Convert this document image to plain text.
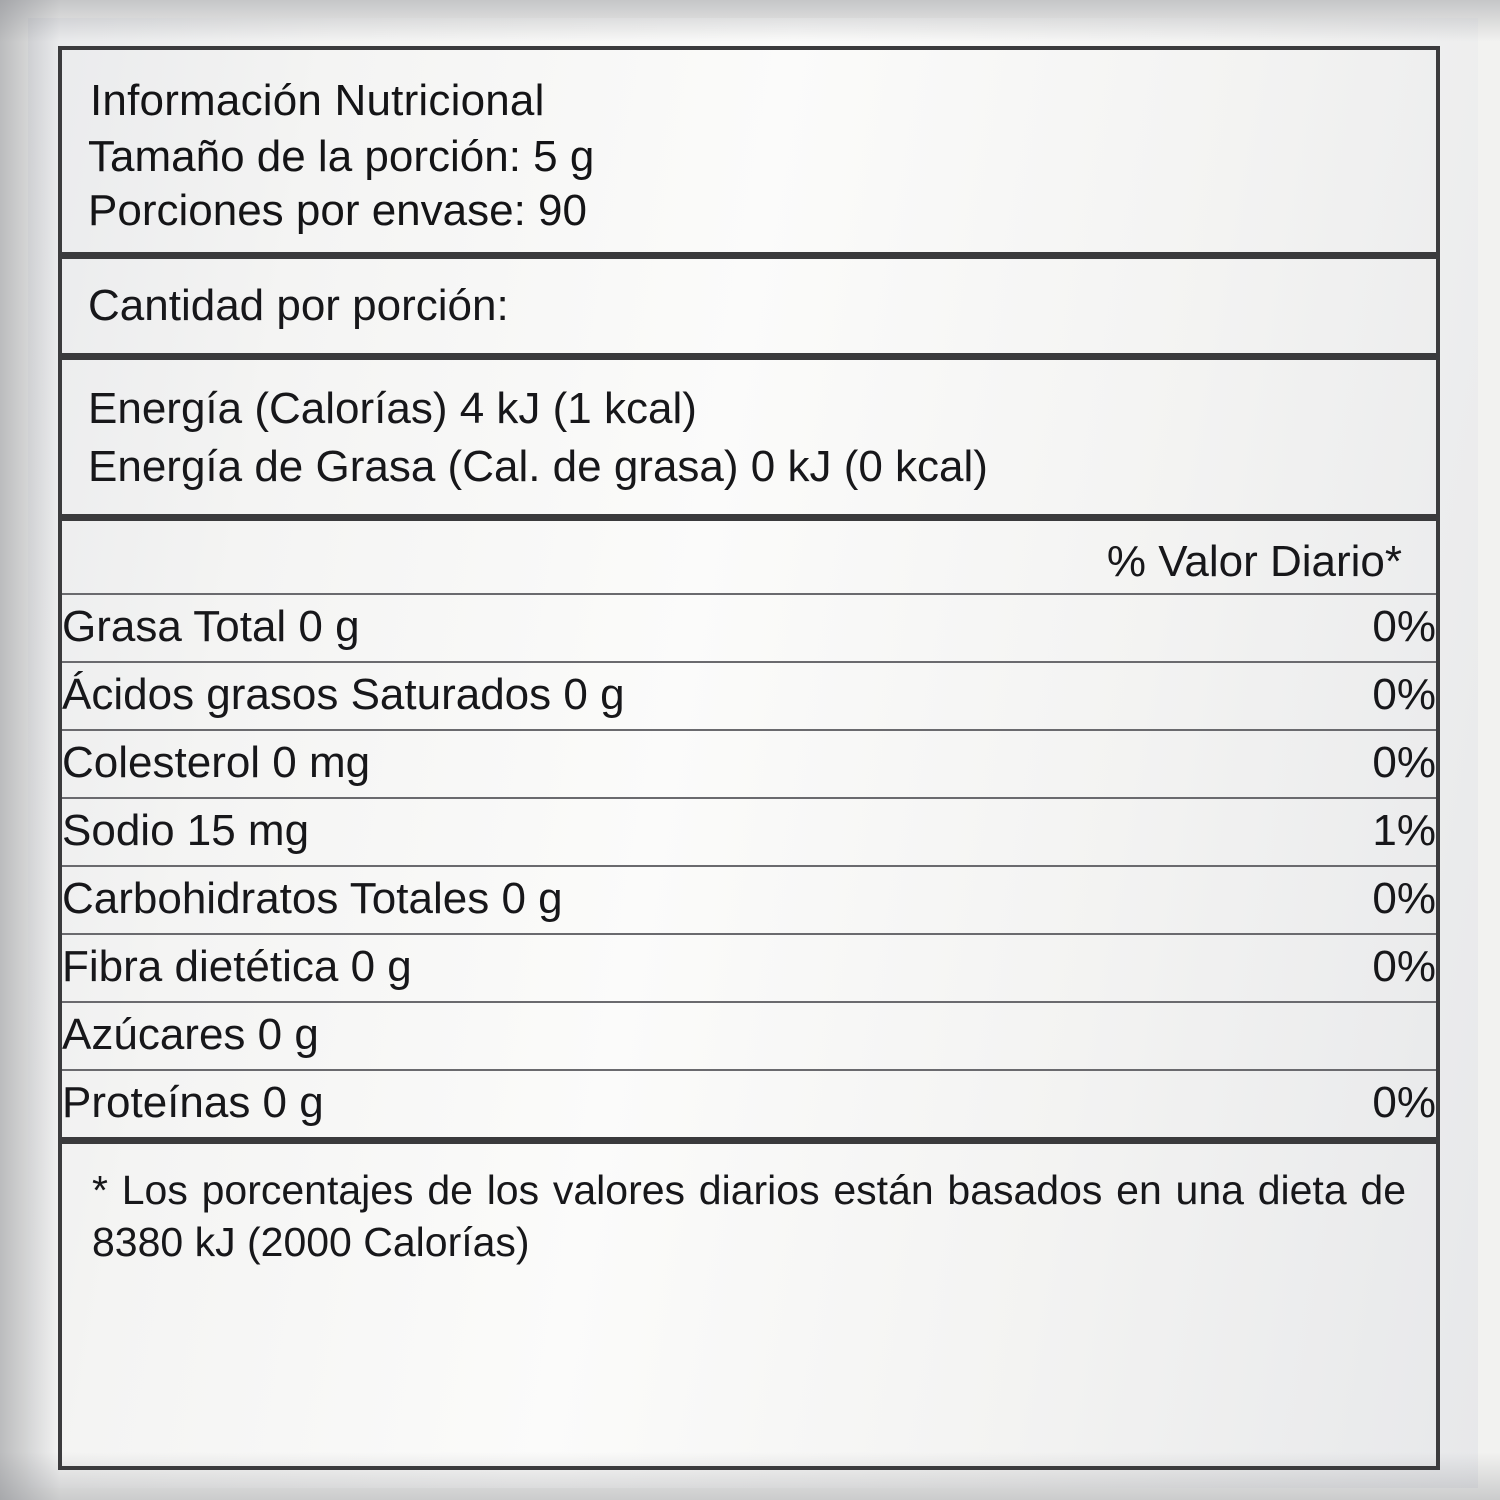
Información Nutricional
Tamaño de la porción: 5 g
Porciones por envase: 90
Cantidad por porción:
Energía (Calorías) 4 kJ (1 kcal)
Energía de Grasa (Cal. de grasa) 0 kJ (0 kcal)
% Valor Diario*
Grasa Total 0 g	0%
Ácidos grasos Saturados 0 g	0%
Colesterol 0 mg	0%
Sodio 15 mg	1%
Carbohidratos Totales 0 g	0%
Fibra dietética 0 g	0%
Azúcares 0 g	
Proteínas 0 g	0%
* Los porcentajes de los valores diarios están basados en una dieta de 8380 kJ (2000 Calorías)
